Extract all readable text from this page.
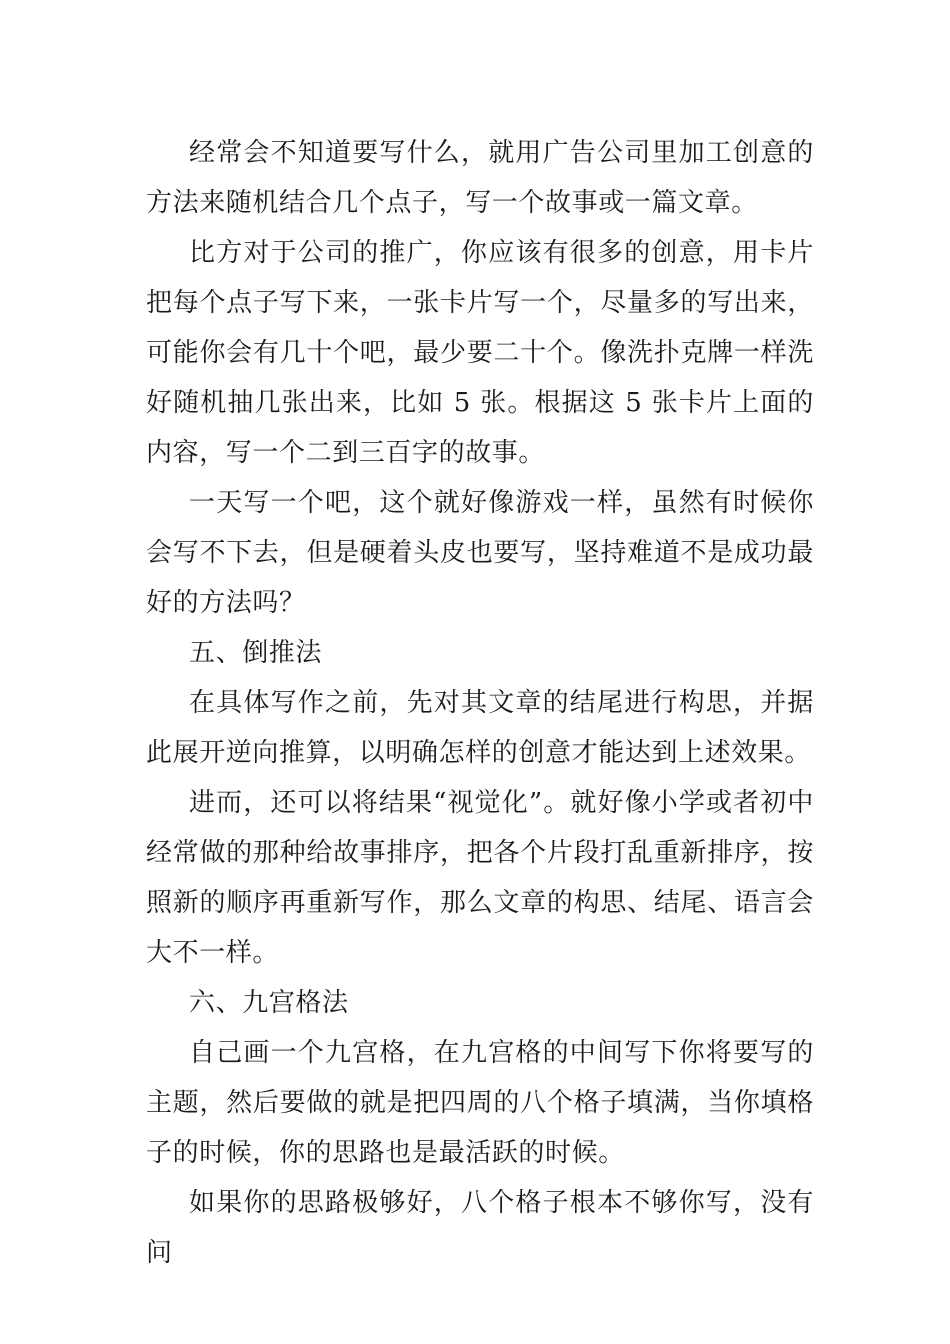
经常会不知道要写什么，就用广告公司里加工创意的方法来随机结合几个点子，写一个故事或一篇文章。

比方对于公司的推广，你应该有很多的创意，用卡片把每个点子写下来，一张卡片写一个，尽量多的写出来，可能你会有几十个吧，最少要二十个。像洗扑克牌一样洗好随机抽几张出来，比如 5 张。根据这 5 张卡片上面的内容，写一个二到三百字的故事。

一天写一个吧，这个就好像游戏一样，虽然有时候你会写不下去，但是硬着头皮也要写，坚持难道不是成功最好的方法吗？

五、倒推法

在具体写作之前，先对其文章的结尾进行构思，并据此展开逆向推算，以明确怎样的创意才能达到上述效果。

进而，还可以将结果“视觉化”。就好像小学或者初中经常做的那种给故事排序，把各个片段打乱重新排序，按照新的顺序再重新写作，那么文章的构思、结尾、语言会大不一样。

六、九宫格法

自己画一个九宫格，在九宫格的中间写下你将要写的主题，然后要做的就是把四周的八个格子填满，当你填格子的时候，你的思路也是最活跃的时候。

如果你的思路极够好，八个格子根本不够你写，没有问
